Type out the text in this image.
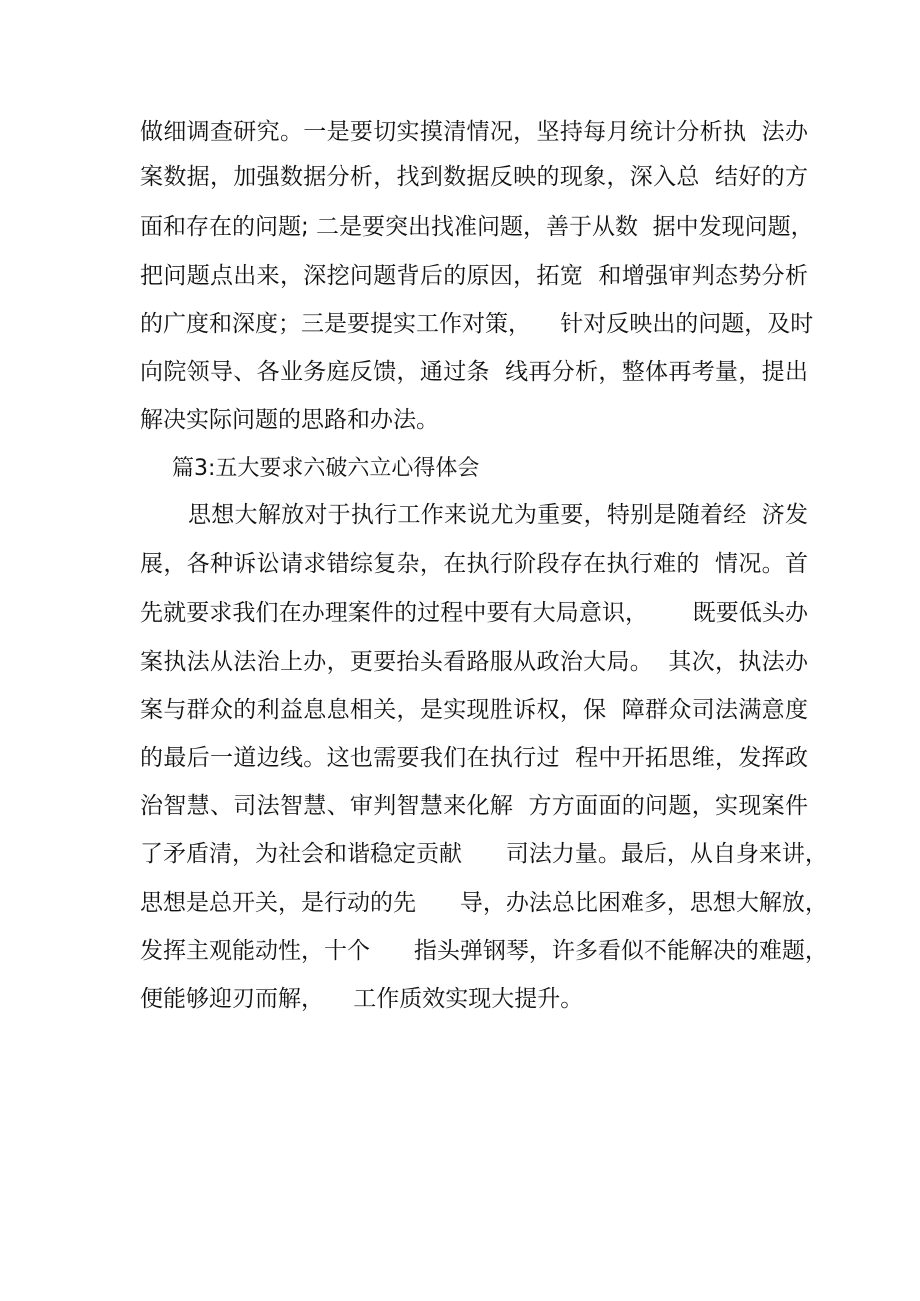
做细调查研究。一是要切实摸清情况，坚持每月统计分析执  法办
案数据，加强数据分析，找到数据反映的现象，深入总  结好的方
面和存在的问题; 二是要突出找准问题，善于从数  据中发现问题，
把问题点出来，深挖问题背后的原因，拓宽  和增强审判态势分析
的广度和深度；三是要提实工作对策，    针对反映出的问题，及时
向院领导、各业务庭反馈，通过条  线再分析，整体再考量，提出
解决实际问题的思路和办法。
篇3:五大要求六破六立心得体会
思想大解放对于执行工作来说尤为重要，特别是随着经  济发
展，各种诉讼请求错综复杂，在执行阶段存在执行难的  情况。首
先就要求我们在办理案件的过程中要有大局意识，      既要低头办
案执法从法治上办，更要抬头看路服从政治大局。  其次，执法办
案与群众的利益息息相关，是实现胜诉权，保  障群众司法满意度
的最后一道边线。这也需要我们在执行过  程中开拓思维，发挥政
治智慧、司法智慧、审判智慧来化解  方方面面的问题，实现案件
了矛盾清，为社会和谐稳定贡献      司法力量。最后，从自身来讲，
思想是总开关，是行动的先      导，办法总比困难多，思想大解放，
发挥主观能动性，十个      指头弹钢琴，许多看似不能解决的难题，
便能够迎刃而解，    工作质效实现大提升。
